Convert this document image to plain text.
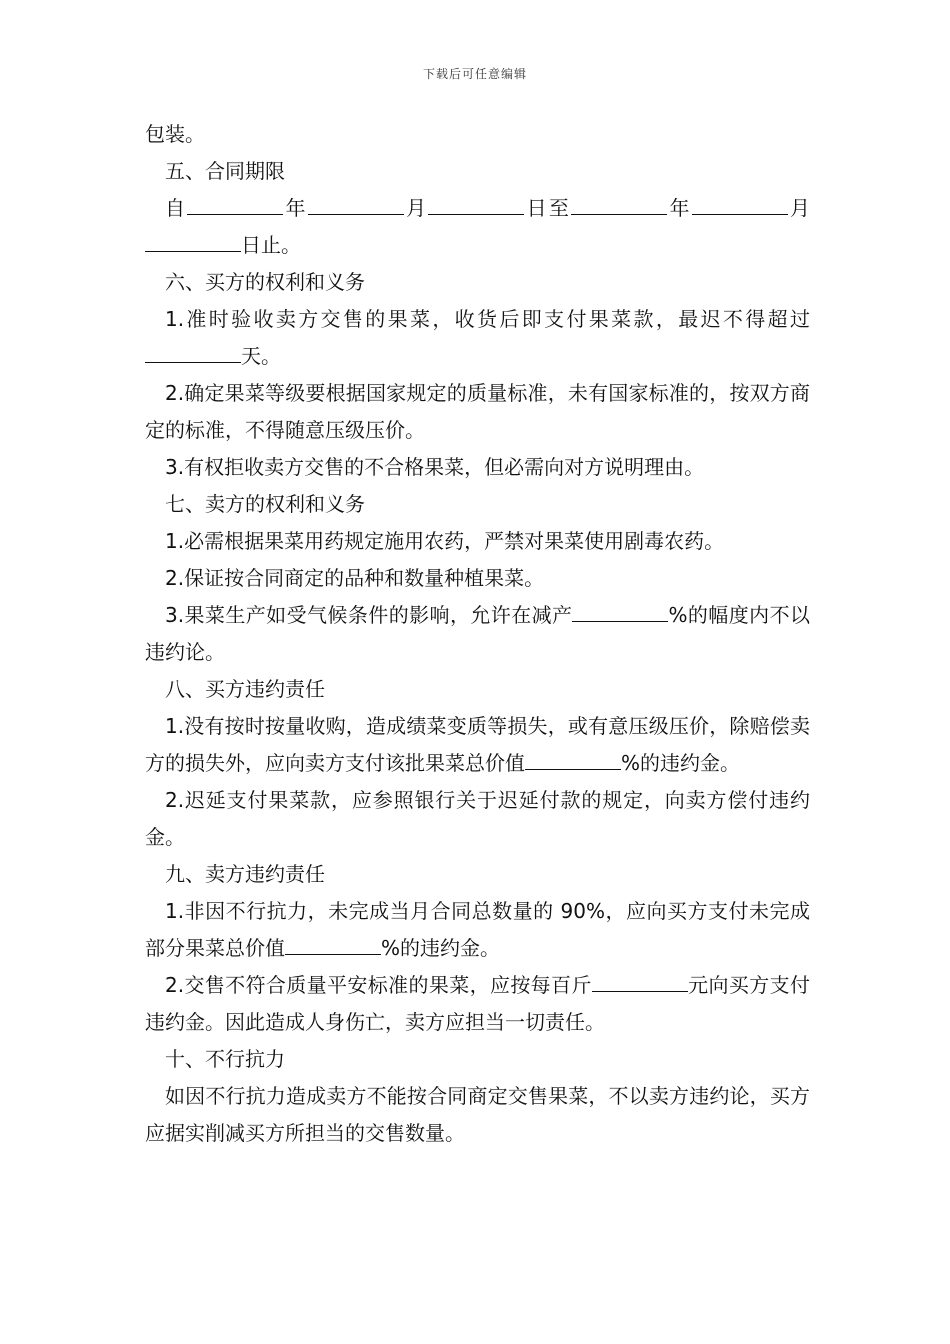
下载后可任意编辑

包装。

五、合同期限

自	年	月	日至	年	月日止。

六、买方的权利和义务

1.准时验收卖方交售的果菜，收货后即支付果菜款，最迟不得超过天。

2.确定果菜等级要根据国家规定的质量标准，未有国家标准的，按双方商定的标准，不得随意压级压价。

3.有权拒收卖方交售的不合格果菜，但必需向对方说明理由。

七、卖方的权利和义务

1.必需根据果菜用药规定施用农药，严禁对果菜使用剧毒农药。

2.保证按合同商定的品种和数量种植果菜。

3.果菜生产如受气候条件的影响，允许在减产	%的幅度内不以违约论。

八、买方违约责任

1.没有按时按量收购，造成绩菜变质等损失，或有意压级压价，除赔偿卖方的损失外，应向卖方支付该批果菜总价值	%的违约金。

2.迟延支付果菜款，应参照银行关于迟延付款的规定，向卖方偿付违约金。

九、卖方违约责任

1.非因不行抗力，未完成当月合同总数量的 90%，应向买方支付未完成部分果菜总价值	%的违约金。

2.交售不符合质量平安标准的果菜，应按每百斤	元向买方支付违约金。因此造成人身伤亡，卖方应担当一切责任。

十、不行抗力

如因不行抗力造成卖方不能按合同商定交售果菜，不以卖方违约论，买方应据实削减买方所担当的交售数量。
